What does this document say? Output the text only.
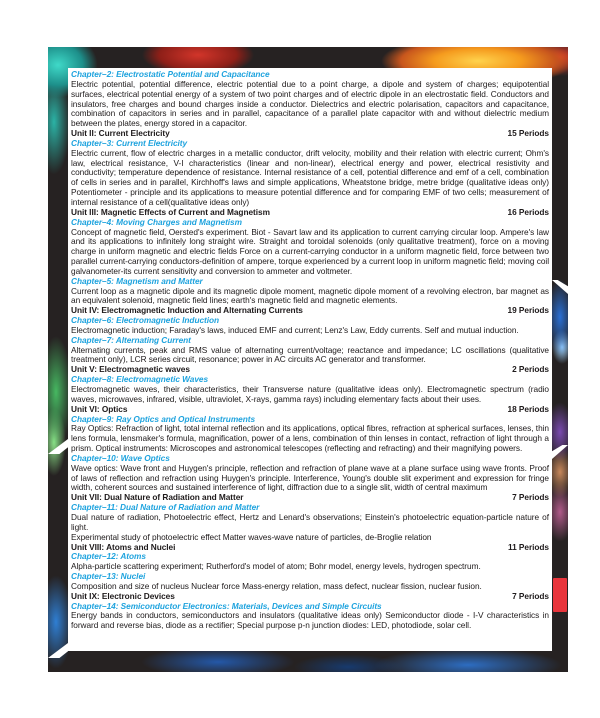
Chapter–2: Electrostatic Potential and Capacitance
Electric potential, potential difference, electric potential due to a point charge, a dipole and system of charges; equipotential surfaces, electrical potential energy of a system of two point charges and of electric dipole in an electrostatic field. Conductors and insulators, free charges and bound charges inside a conductor. Dielectrics and electric polarisation, capacitors and capacitance, combination of capacitors in series and in parallel, capacitance of a parallel plate capacitor with and without dielectric medium between the plates, energy stored in a capacitor.
Unit II: Current Electricity	15 Periods
Chapter–3: Current Electricity
Electric current, flow of electric charges in a metallic conductor, drift velocity, mobility and their relation with electric current; Ohm's law, electrical resistance, V-I characteristics (linear and non-linear), electrical energy and power, electrical resistivity and conductivity; temperature dependence of resistance. Internal resistance of a cell, potential difference and emf of a cell, combination of cells in series and in parallel, Kirchhoff's laws and simple applications, Wheatstone bridge, metre bridge (qualitative ideas only) Potentiometer - principle and its applications to measure potential difference and for comparing EMF of two cells; measurement of internal resistance of a cell(qualitative ideas only)
Unit III: Magnetic Effects of Current and Magnetism	16 Periods
Chapter–4: Moving Charges and Magnetism
Concept of magnetic field, Oersted's experiment. Biot - Savart law and its application to current carrying circular loop. Ampere's law and its applications to infinitely long straight wire. Straight and toroidal solenoids (only qualitative treatment), force on a moving charge in uniform magnetic and electric fields Force on a current-carrying conductor in a uniform magnetic field, force between two parallel current-carrying conductors-definition of ampere, torque experienced by a current loop in uniform magnetic field; moving coil galvanometer-its current sensitivity and conversion to ammeter and voltmeter.
Chapter–5: Magnetism and Matter
Current loop as a magnetic dipole and its magnetic dipole moment, magnetic dipole moment of a revolving electron, bar magnet as an equivalent solenoid, magnetic field lines; earth's magnetic field and magnetic elements.
Unit IV: Electromagnetic Induction and Alternating Currents	19 Periods
Chapter–6: Electromagnetic Induction
Electromagnetic induction; Faraday's laws, induced EMF and current; Lenz's Law, Eddy currents. Self and mutual induction.
Chapter–7: Alternating Current
Alternating currents, peak and RMS value of alternating current/voltage; reactance and impedance; LC oscillations (qualitative treatment only), LCR series circuit, resonance; power in AC circuits AC generator and transformer.
Unit V: Electromagnetic waves	2 Periods
Chapter–8: Electromagnetic Waves
Electromagnetic waves, their characteristics, their Transverse nature (qualitative ideas only). Electromagnetic spectrum (radio waves, microwaves, infrared, visible, ultraviolet, X-rays, gamma rays) including elementary facts about their uses.
Unit VI: Optics	18 Periods
Chapter–9: Ray Optics and Optical Instruments
Ray Optics: Refraction of light, total internal reflection and its applications, optical fibres, refraction at spherical surfaces, lenses, thin lens formula, lensmaker's formula, magnification, power of a lens, combination of thin lenses in contact, refraction of light through a prism. Optical instruments: Microscopes and astronomical telescopes (reflecting and refracting) and their magnifying powers.
Chapter–10: Wave Optics
Wave optics: Wave front and Huygen's principle, reflection and refraction of plane wave at a plane surface using wave fronts. Proof of laws of reflection and refraction using Huygen's principle. Interference, Young's double slit experiment and expression for fringe width, coherent sources and sustained interference of light, diffraction due to a single slit, width of central maximum
Unit VII: Dual Nature of Radiation and Matter	7 Periods
Chapter–11: Dual Nature of Radiation and Matter
Dual nature of radiation, Photoelectric effect, Hertz and Lenard's observations; Einstein's photoelectric equation-particle nature of light.
Experimental study of photoelectric effect Matter waves-wave nature of particles, de-Broglie relation
Unit VIII: Atoms and Nuclei	11 Periods
Chapter–12: Atoms
Alpha-particle scattering experiment; Rutherford's model of atom; Bohr model, energy levels, hydrogen spectrum.
Chapter–13: Nuclei
Composition and size of nucleus Nuclear force Mass-energy relation, mass defect, nuclear fission, nuclear fusion.
Unit IX: Electronic Devices	7 Periods
Chapter–14: Semiconductor Electronics: Materials, Devices and Simple Circuits
Energy bands in conductors, semiconductors and insulators (qualitative ideas only) Semiconductor diode - I-V characteristics in forward and reverse bias, diode as a rectifier; Special purpose p-n junction diodes: LED, photodiode, solar cell.
